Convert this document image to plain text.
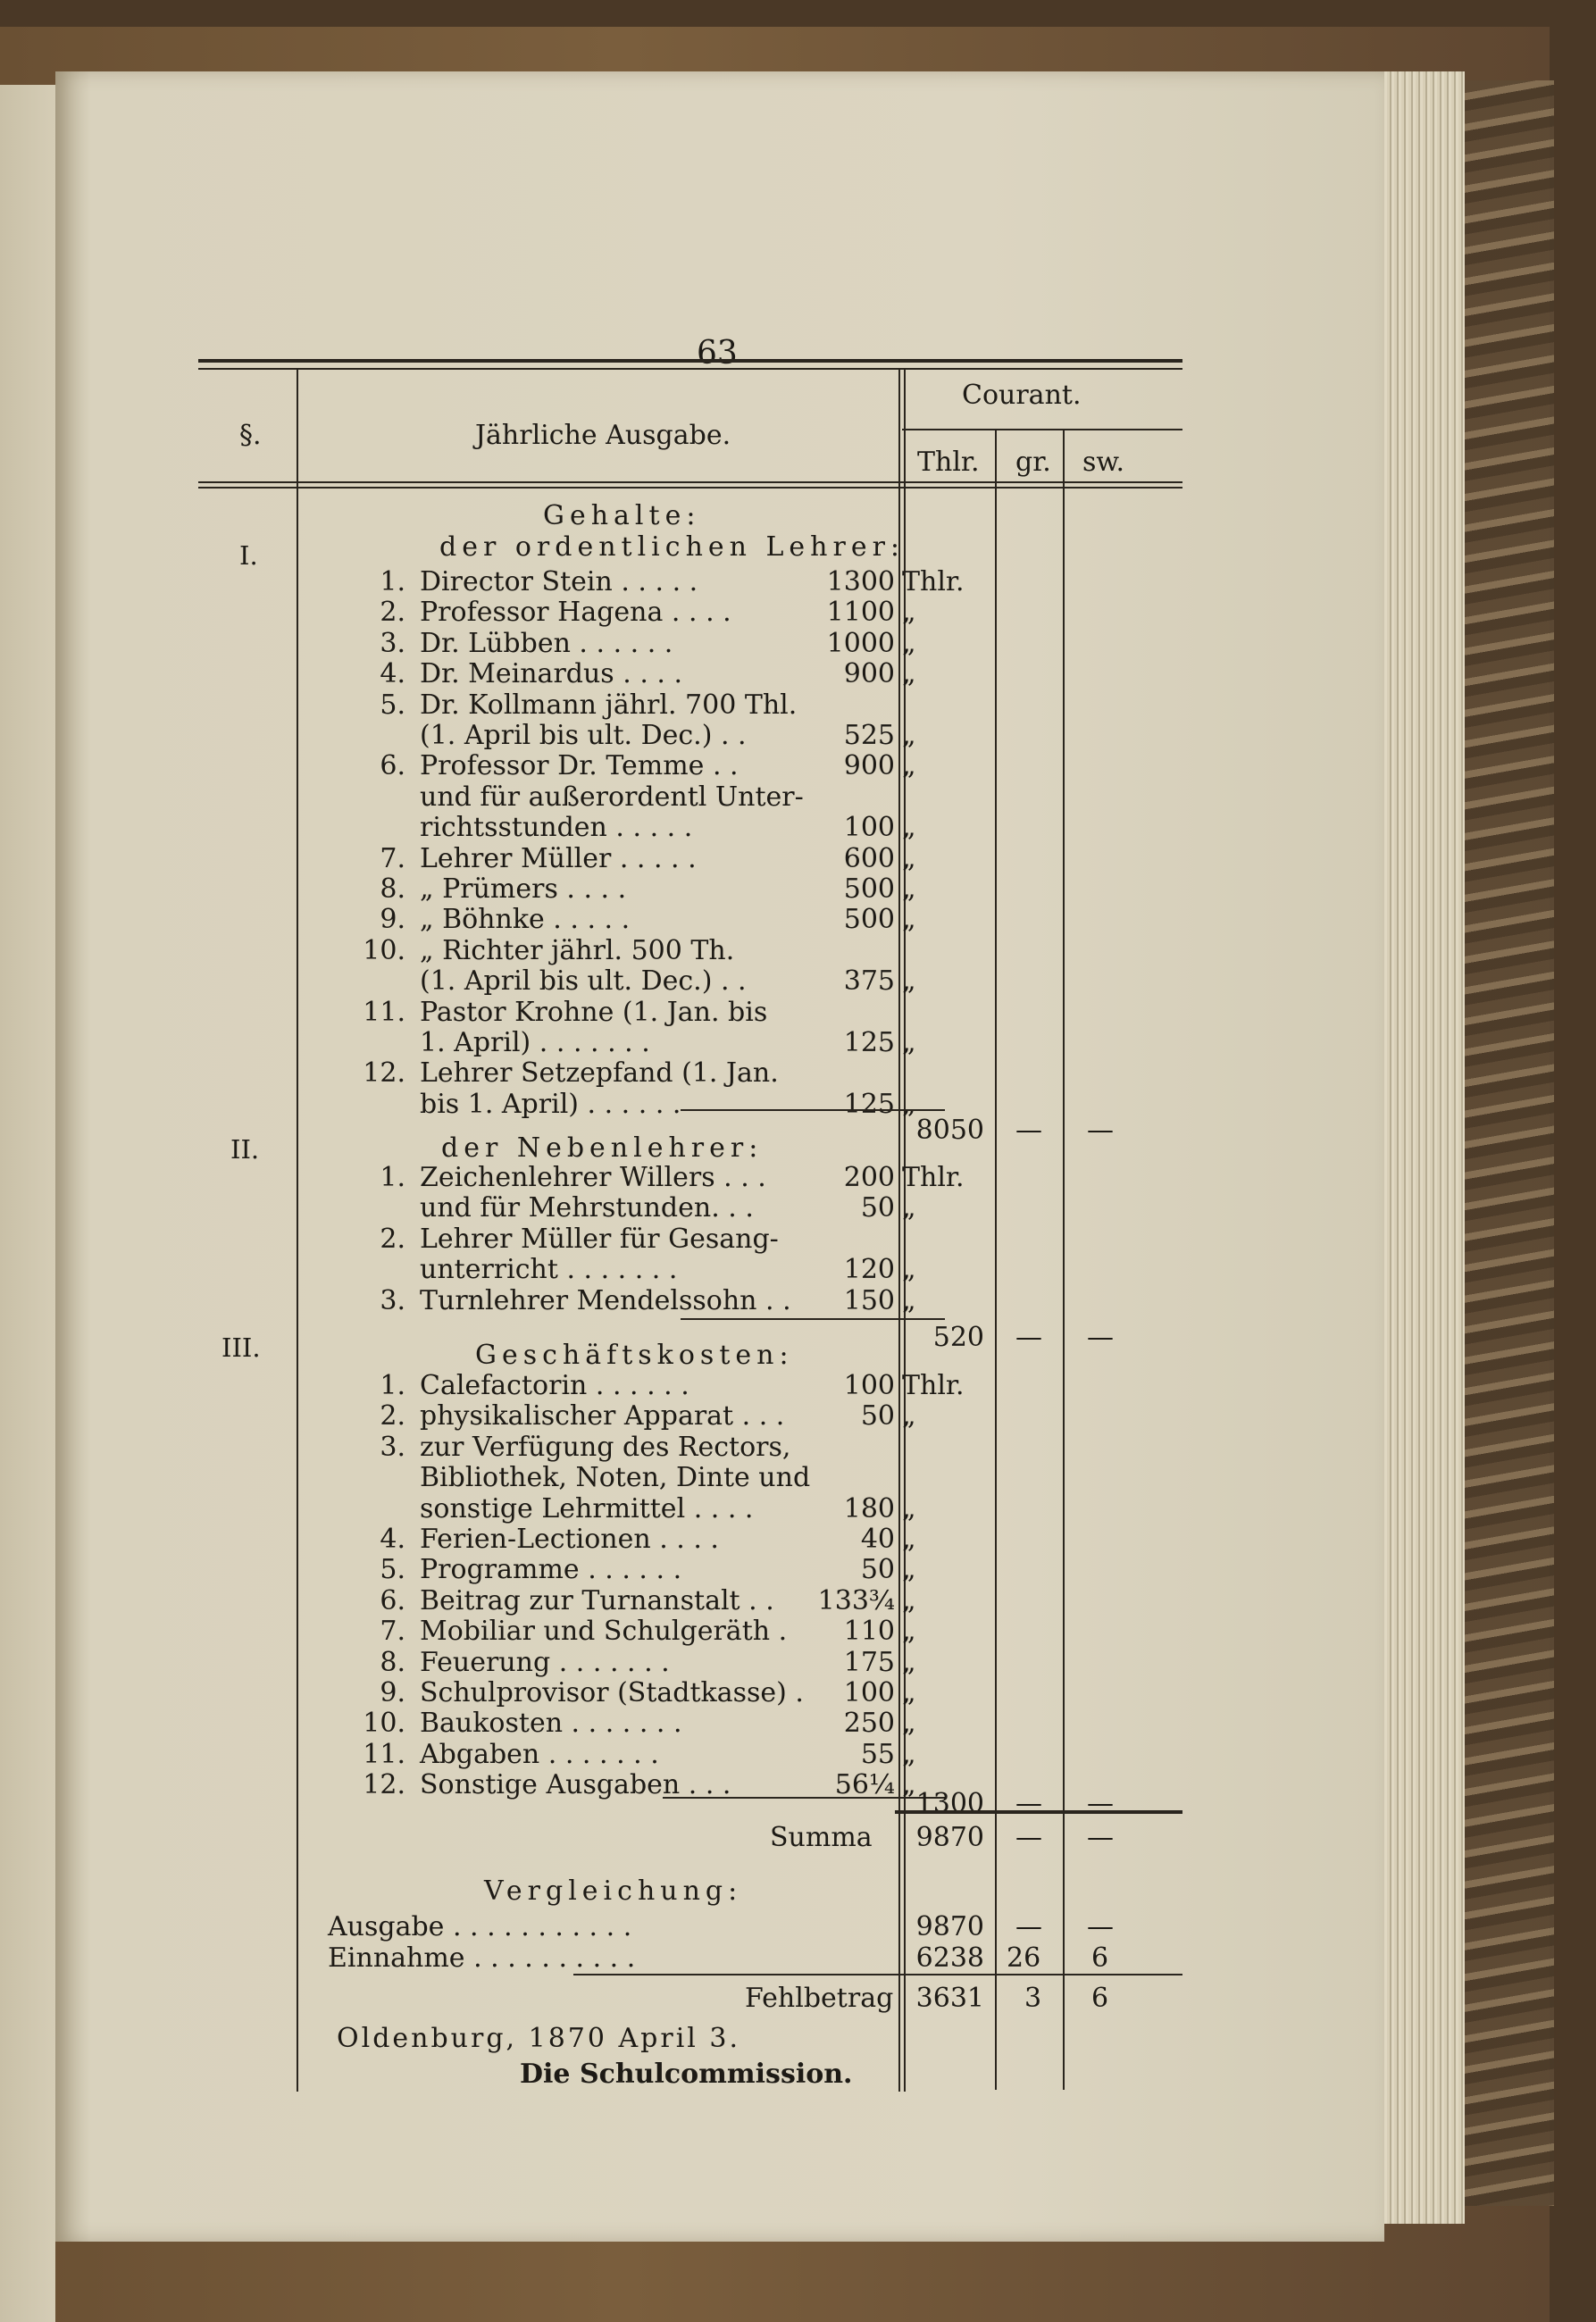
63
§.	Jährliche Ausgabe.
Courant.
Thlr. gr. sw.
Gehalte:
I.	der ordentlichen Lehrer:
1. Director Stein . . . . .	1300 Thlr.
2. Professor Hagena . . . .	1100 „
3. Dr. Lübben . . . . . .	1000 „
4. Dr. Meinardus . . . .	900 „
5. Dr. Kollmann jährl. 700 Thl.
(1. April bis ult. Dec.) . .	525 „
6. Professor Dr. Temme . .	900 „
und für außerordentl Unter-
richtsstunden . . . . .	100 „
7. Lehrer Müller . . . . .	600 „
8. „ Prümers . . . .	500 „
9. „ Böhnke . . . . .	500 „
10. „ Richter jährl. 500 Th.
(1. April bis ult. Dec.) . .	375 „
11. Pastor Krohne (1. Jan. bis
1. April) . . . . . . .	125 „
12. Lehrer Setzepfand (1. Jan.
bis 1. April) . . . . . .	125 „
8050 — —
II.	der Nebenlehrer:
1. Zeichenlehrer Willers . . .	200 Thlr.
und für Mehrstunden. . .	50 „
2. Lehrer Müller für Gesang-
unterricht . . . . . . .	120 „
3. Turnlehrer Mendelssohn . .	150 „
520 — —
III.	Geschäftskosten:
1. Calefactorin . . . . . .	100 Thlr.
2. physikalischer Apparat . . .	50 „
3. zur Verfügung des Rectors,
Bibliothek, Noten, Dinte und
sonstige Lehrmittel . . . .	180 „
4. Ferien-Lectionen . . . .	40 „
5. Programme . . . . . .	50 „
6. Beitrag zur Turnanstalt . .	133¾ „
7. Mobiliar und Schulgeräth .	110 „
8. Feuerung . . . . . . .	175 „
9. Schulprovisor (Stadtkasse) .	100 „
10. Baukosten . . . . . . .	250 „
11. Abgaben . . . . . . .	55 „
12. Sonstige Ausgaben . . .	56¼ „
1300 — —
Summa 9870 — —
Vergleichung:
Ausgabe . . . . . . . . . . .	9870 — —
Einnahme . . . . . . . . . .	6238 26 6
Fehlbetrag 3631 3 6
Oldenburg, 1870 April 3.
Die Schulcommission.
